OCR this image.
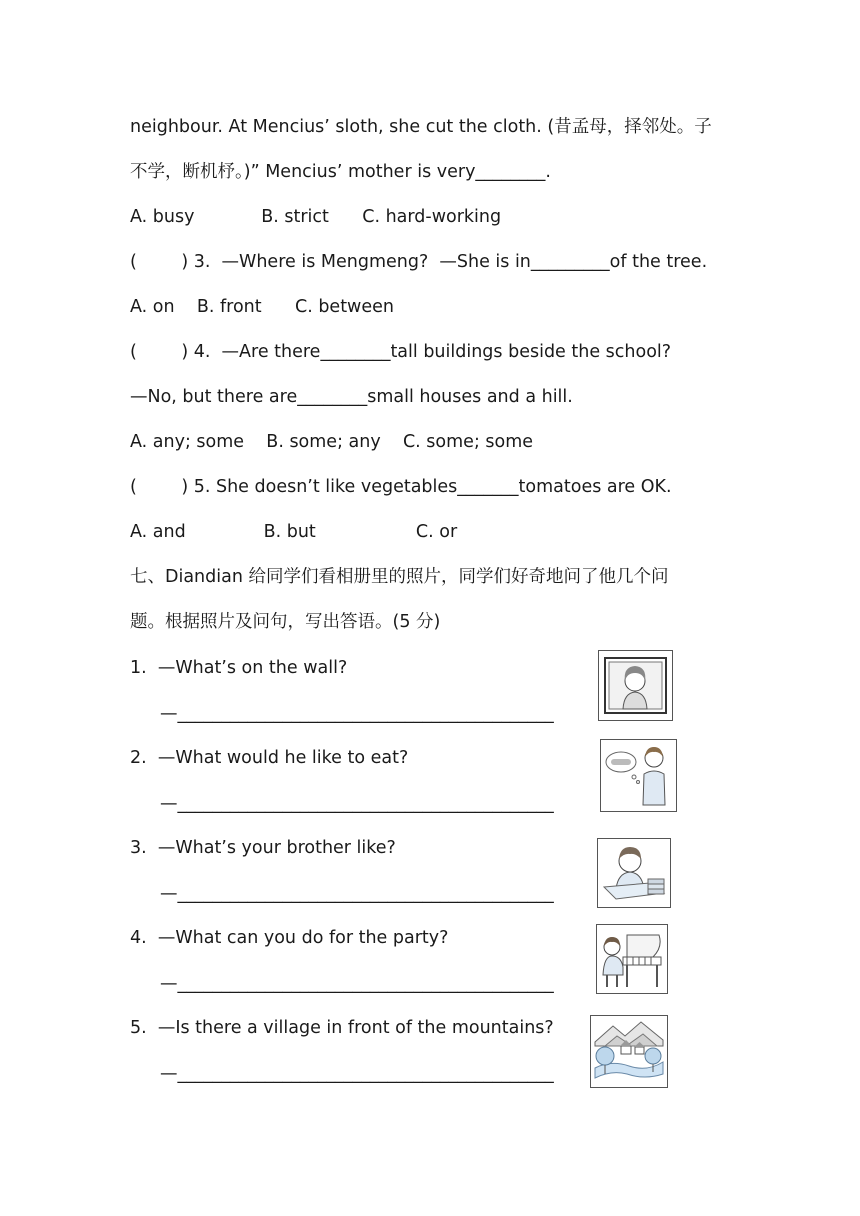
neighbour. At Mencius’ sloth, she cut the cloth. (昔孟母，择邻处。子
不学，断机杼。)” Mencius’ mother is very________.
A. busy            B. strict      C. hard-working
(        ) 3.  —Where is Mengmeng?  —She is in_________of the tree.
A. on    B. front      C. between
(        ) 4.  —Are there________tall buildings beside the school?
—No, but there are________small houses and a hill.
A. any; some    B. some; any    C. some; some
(        ) 5. She doesn’t like vegetables_______tomatoes are OK.
A. and              B. but                  C. or
七、Diandian 给同学们看相册里的照片，同学们好奇地问了他几个问
题。根据照片及问句，写出答语。(5 分)
1.  —What’s on the wall?
—___________________________________________
2.  —What would he like to eat?
—___________________________________________
3.  —What’s your brother like?
—___________________________________________
4.  —What can you do for the party?
—___________________________________________
5.  —Is there a village in front of the mountains?
—___________________________________________
